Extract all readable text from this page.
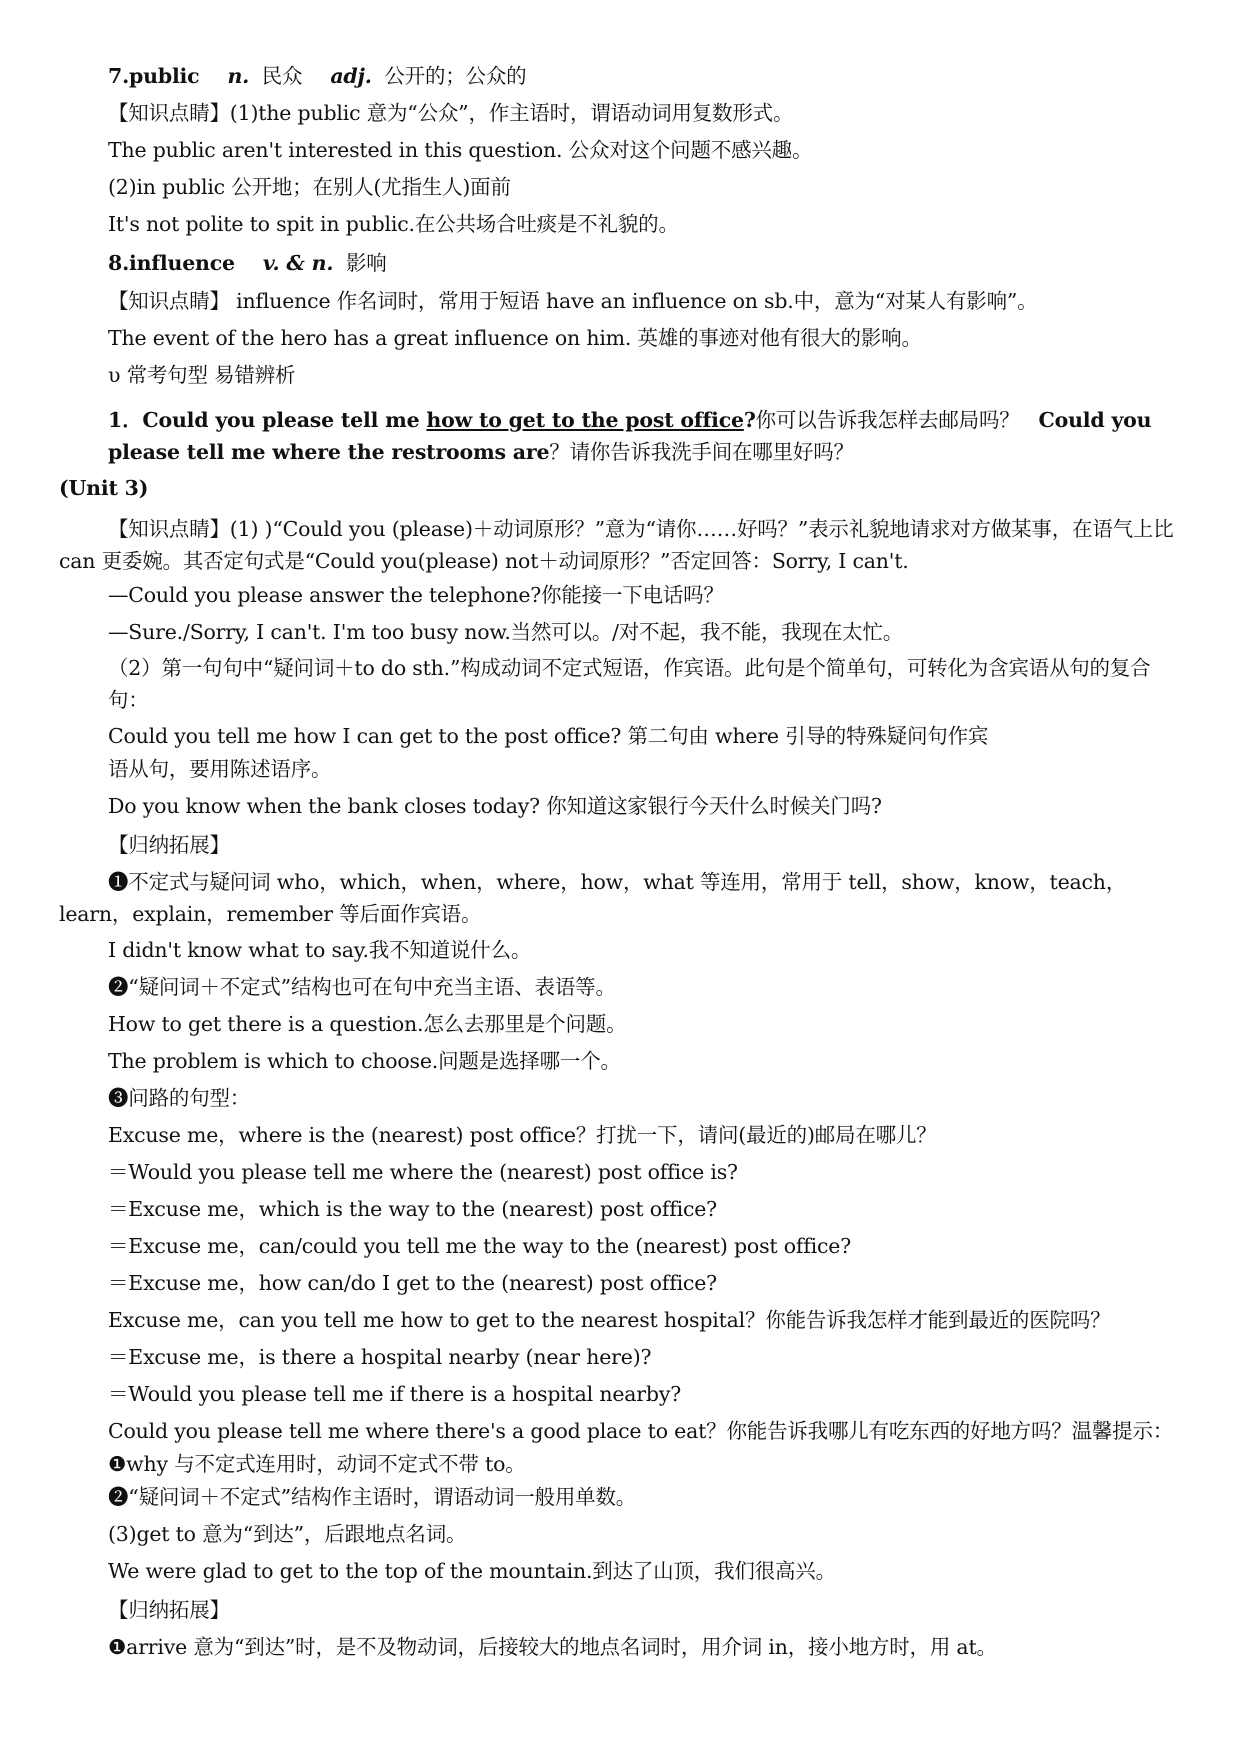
7.public n. 民众 adj. 公开的；公众的
【知识点睛】(1)the public 意为“公众”，作主语时，谓语动词用复数形式。
The public aren't interested in this question. 公众对这个问题不感兴趣。
(2)in public 公开地；在别人(尤指生人)面前
It's not polite to spit in public.在公共场合吐痰是不礼貌的。
8.influence v. & n. 影响
【知识点睛】 influence 作名词时，常用于短语 have an influence on sb.中，意为“对某人有影响”。
The event of the hero has a great influence on him. 英雄的事迹对他有很大的影响。
υ 常考句型 易错辨析
1．Could you please tell me how to get to the post office?你可以告诉我怎样去邮局吗？ Could you please tell me where the restrooms are？请你告诉我洗手间在哪里好吗？
(Unit 3)
【知识点睛】(1) )“Could you (please)＋动词原形？”意为“请你……好吗？”表示礼貌地请求对方做某事，在语气上比 can 更委婉。其否定句式是“Could you(please) not＋动词原形？”否定回答：Sorry, I can't.
—Could you please answer the telephone?你能接一下电话吗？
—Sure./Sorry, I can't. I'm too busy now.当然可以。/对不起，我不能，我现在太忙。
（2）第一句句中“疑问词＋to do sth.”构成动词不定式短语，作宾语。此句是个简单句，可转化为含宾语从句的复合句：
Could you tell me how I can get to the post office? 第二句由 where 引导的特殊疑问句作宾
语从句，要用陈述语序。
Do you know when the bank closes today? 你知道这家银行今天什么时候关门吗?
【归纳拓展】
❶不定式与疑问词 who，which，when，where，how，what 等连用，常用于 tell，show，know，teach，learn，explain，remember 等后面作宾语。
I didn't know what to say.我不知道说什么。
❷“疑问词＋不定式”结构也可在句中充当主语、表语等。
How to get there is a question.怎么去那里是个问题。
The problem is which to choose.问题是选择哪一个。
❸问路的句型：
Excuse me，where is the (nearest) post office？打扰一下，请问(最近的)邮局在哪儿？
＝Would you please tell me where the (nearest) post office is?
＝Excuse me，which is the way to the (nearest) post office?
＝Excuse me，can/could you tell me the way to the (nearest) post office?
＝Excuse me，how can/do I get to the (nearest) post office?
Excuse me，can you tell me how to get to the nearest hospital？你能告诉我怎样才能到最近的医院吗？
＝Excuse me，is there a hospital nearby (near here)?
＝Would you please tell me if there is a hospital nearby?
Could you please tell me where there's a good place to eat？你能告诉我哪儿有吃东西的好地方吗？温馨提示：
❶why 与不定式连用时，动词不定式不带 to。
❷“疑问词＋不定式”结构作主语时，谓语动词一般用单数。
(3)get to 意为“到达”，后跟地点名词。
We were glad to get to the top of the mountain.到达了山顶，我们很高兴。
【归纳拓展】
❶arrive 意为“到达”时，是不及物动词，后接较大的地点名词时，用介词 in，接小地方时，用 at。
